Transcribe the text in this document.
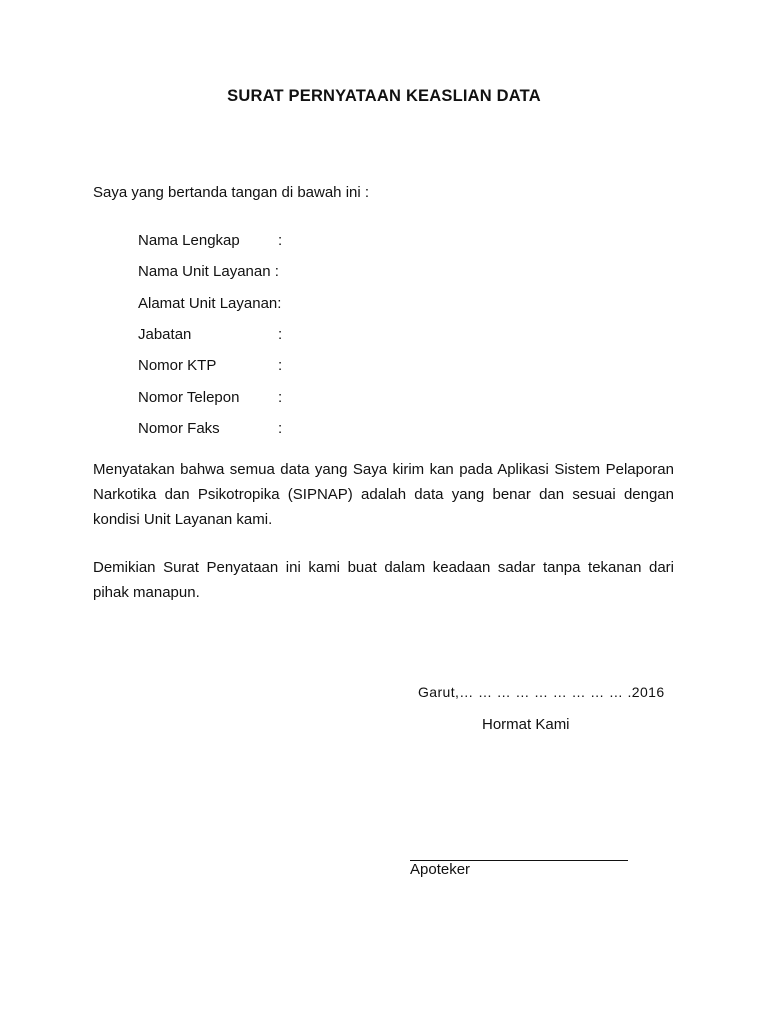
SURAT PERNYATAAN KEASLIAN DATA
Saya yang bertanda tangan di bawah ini :
Nama Lengkap	:
Nama Unit Layanan :
Alamat Unit Layanan:
Jabatan	:
Nomor KTP	:
Nomor Telepon	:
Nomor Faks	:
Menyatakan bahwa semua data yang Saya kirim kan pada Aplikasi Sistem Pelaporan Narkotika dan Psikotropika (SIPNAP) adalah data yang benar dan sesuai dengan kondisi Unit Layanan kami.
Demikian Surat Penyataan ini kami buat dalam keadaan sadar tanpa tekanan dari pihak manapun.
Garut,… … … … … … … … … .2016
Hormat Kami
Apoteker
